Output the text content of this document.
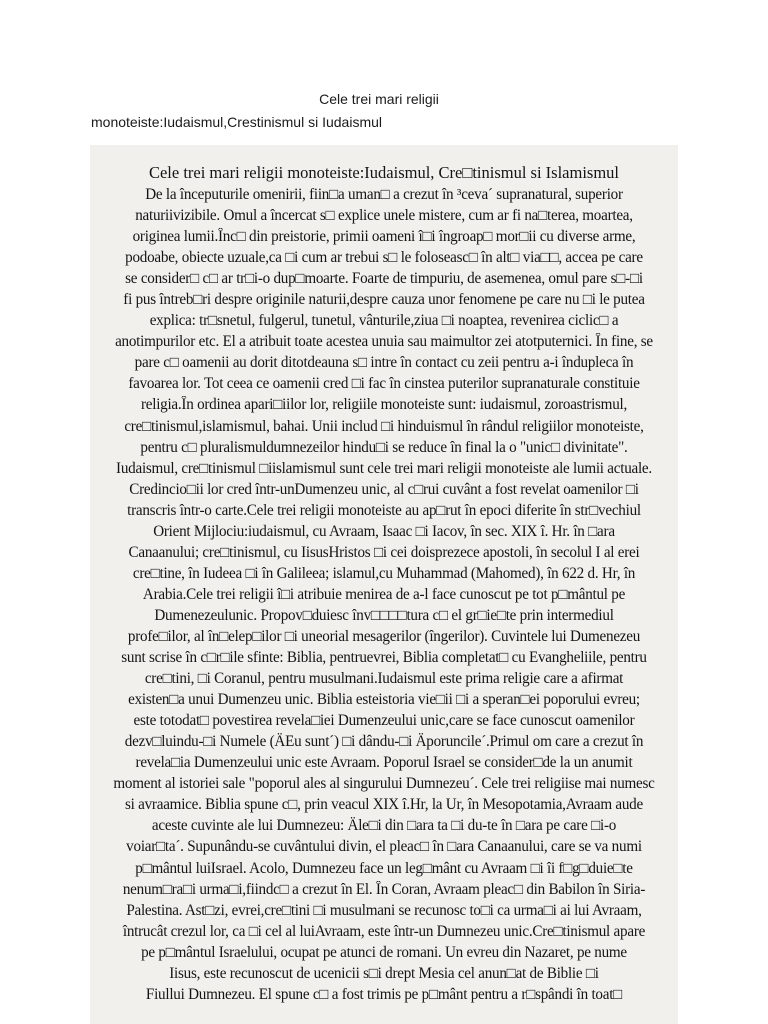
Cele trei mari religii
monoteiste:Iudaismul,Crestinismul si Iudaismul
Cele trei mari religii monoteiste:Iudaismul, Cre□tinismul si Islamismul
De la începuturile omenirii, fiin□a uman□ a crezut în ³ceva´ supranatural, superior
naturiivizibile. Omul a încercat s□ explice unele mistere, cum ar fi na□terea, moartea,
originea lumii.Înc□ din preistorie, primii oameni î□i îngroap□ mor□ii cu diverse arme,
podoabe, obiecte uzuale,ca □i cum ar trebui s□ le foloseasc□ în alt□ via□□, accea pe care
se consider□ c□ ar tr□i-o dup□moarte. Foarte de timpuriu, de asemenea, omul pare s□-□i
fi pus întreb□ri despre originile naturii,despre cauza unor fenomene pe care nu □i le putea
explica: tr□snetul, fulgerul, tunetul, vânturile,ziua □i noaptea, revenirea ciclic□ a
anotimpurilor etc. El a atribuit toate acestea unuia sau maimultor zei atotputernici. În fine, se
pare c□ oamenii au dorit ditotdeauna s□ intre în contact cu zeii pentru a-i îndupleca în
favoarea lor. Tot ceea ce oamenii cred □i fac în cinstea puterilor supranaturale constituie
religia.În ordinea apari□iilor lor, religiile monoteiste sunt: iudaismul, zoroastrismul,
cre□tinismul,islamismul, bahai. Unii includ □i hinduismul în rândul religiilor monoteiste,
pentru c□ pluralismuldumnezeilor hindu□i se reduce în final la o "unic□ divinitate".
Iudaismul, cre□tinismul □iislamismul sunt cele trei mari religii monoteiste ale lumii actuale.
Credincio□ii lor cred într-unDumenzeu unic, al c□rui cuvânt a fost revelat oamenilor □i
transcris într-o carte.Cele trei religii monoteiste au ap□rut în epoci diferite în str□vechiul
Orient Mijlociu:iudaismul, cu Avraam, Isaac □i Iacov, în sec. XIX î. Hr. în □ara
Canaanului; cre□tinismul, cu IisusHristos □i cei doisprezece apostoli, în secolul I al erei
cre□tine, în Iudeea □i în Galileea; islamul,cu Muhammad (Mahomed), în 622 d. Hr, în
Arabia.Cele trei religii î□i atribuie menirea de a-l face cunoscut pe tot p□mântul pe
Dumenezeulunic. Propov□duiesc înv□□□□tura c□ el gr□ie□te prin intermediul
profe□ilor, al în□elep□ilor □i uneorial mesagerilor (îngerilor). Cuvintele lui Dumenezeu
sunt scrise în c□r□ile sfinte: Biblia, pentruevrei, Biblia completat□ cu Evangheliile, pentru
cre□tini, □i Coranul, pentru musulmani.Iudaismul este prima religie care a afirmat
existen□a unui Dumenzeu unic. Biblia esteistoria vie□ii □i a speran□ei poporului evreu;
este totodat□ povestirea revela□iei Dumenzeului unic,care se face cunoscut oamenilor
dezv□luindu-□i Numele (ÄEu sunt´) □i dându-□i Äporuncile´.Primul om care a crezut în
revela□ia Dumenzeului unic este Avraam. Poporul Israel se consider□de la un anumit
moment al istoriei sale "poporul ales al singurului Dumnezeu´. Cele trei religiise mai numesc
si avraamice. Biblia spune c□, prin veacul XIX î.Hr, la Ur, în Mesopotamia,Avraam aude
aceste cuvinte ale lui Dumnezeu: Äle□i din □ara ta □i du-te în □ara pe care □i-o
voiar□ta´. Supunându-se cuvântului divin, el pleac□ în □ara Canaanului, care se va numi
p□mântul luiIsrael. Acolo, Dumnezeu face un leg□mânt cu Avraam □i îi f□g□duie□te
nenum□ra□i urma□i,fiindc□ a crezut în El. În Coran, Avraam pleac□ din Babilon în Siria-
Palestina. Ast□zi, evrei,cre□tini □i musulmani se recunosc to□i ca urma□i ai lui Avraam,
întrucât crezul lor, ca □i cel al luiAvraam, este într-un Dumnezeu unic.Cre□tinismul apare
pe p□mântul Israelului, ocupat pe atunci de romani. Un evreu din Nazaret, pe nume
Iisus, este recunoscut de ucenicii s□i drept Mesia cel anun□at de Biblie □i
Fiullui Dumnezeu. El spune c□ a fost trimis pe p□mânt pentru a r□spândi în toat□
